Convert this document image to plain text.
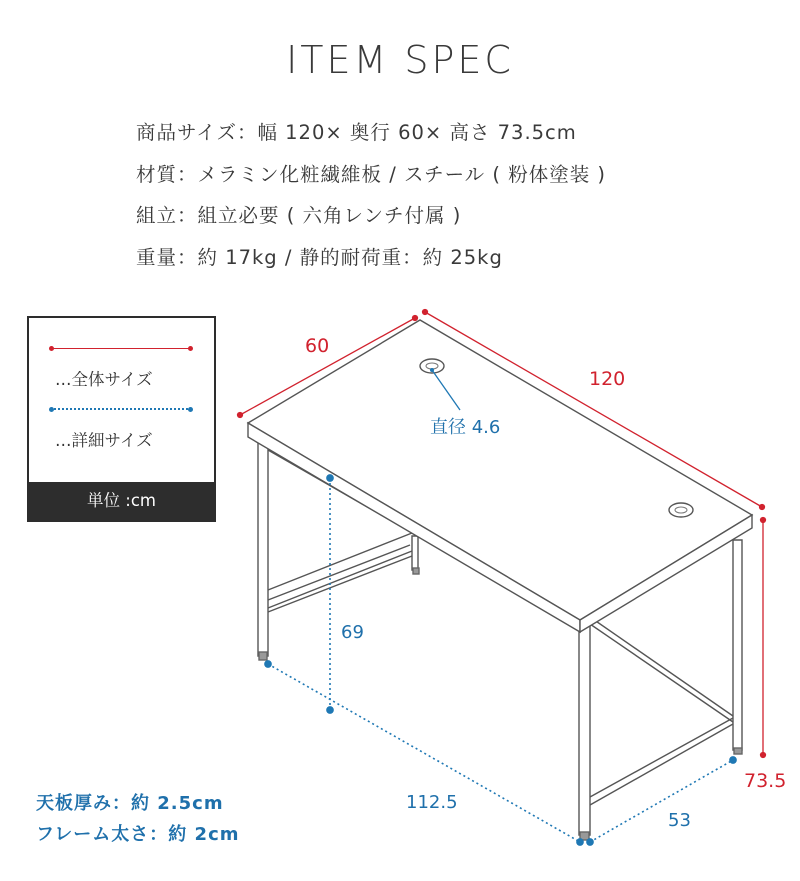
ITEM SPEC
商品サイズ：幅 120× 奥行 60× 高さ 73.5cm
材質：メラミン化粧繊維板 / スチール ( 粉体塗装 )
組立：組立必要 ( 六角レンチ付属 )
重量：約 17kg / 静的耐荷重：約 25kg
…全体サイズ
…詳細サイズ
単位 :cm
60
120
73.5
直径 4.6
69
112.5
53
天板厚み：約 2.5cm
フレーム太さ：約 2cm
